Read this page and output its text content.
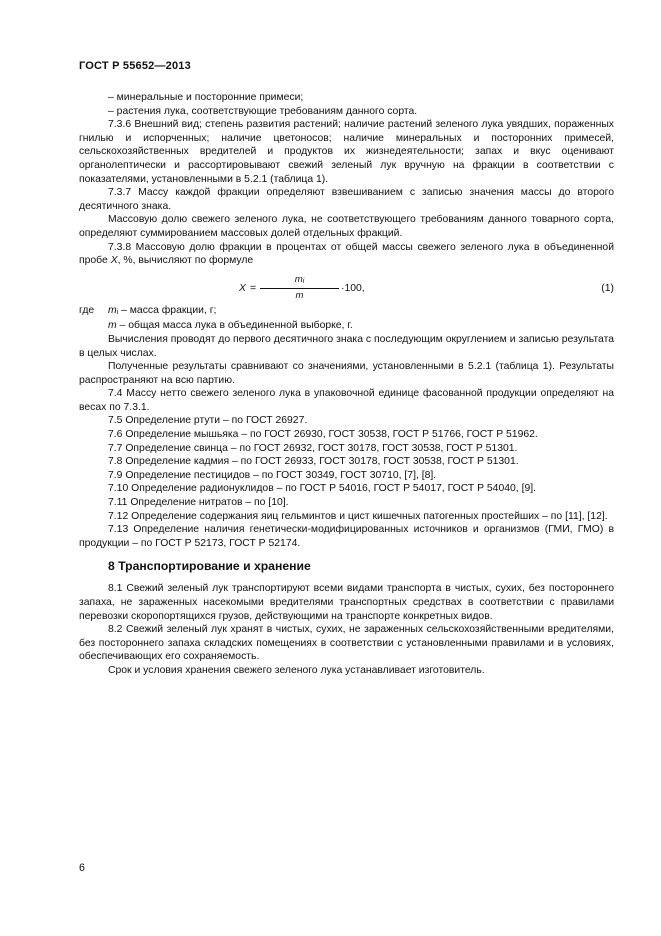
ГОСТ Р 55652—2013

– минеральные и посторонние примеси;

– растения лука, соответствующие требованиям данного сорта.

7.3.6 Внешний вид; степень развития растений; наличие растений зеленого лука увядших, пораженных гнилью и испорченных; наличие цветоносов; наличие минеральных и посторонних примесей, сельскохозяйственных вредителей и продуктов их жизнедеятельности; запах и вкус оценивают органолептически и рассортировывают свежий зеленый лук вручную на фракции в соответствии с показателями, установленными в 5.2.1 (таблица 1).

7.3.7 Массу каждой фракции определяют взвешиванием с записью значения массы до второго десятичного знака.

Массовую долю свежего зеленого лука, не соответствующего требованиям данного товарного сорта, определяют суммированием массовых долей отдельных фракций.

7.3.8 Массовую долю фракции в процентах от общей массы свежего зеленого лука в объединенной пробе X, %, вычисляют по формуле

X =
$m_i$
m
·100,	(1)
где	$m_i$ – масса фракции, г;
m – общая масса лука в объединенной выборке, г.

Вычисления проводят до первого десятичного знака с последующим округлением и записью результата в целых числах.

Полученные результаты сравнивают со значениями, установленными в 5.2.1 (таблица 1). Результаты распространяют на всю партию.

7.4 Массу нетто свежего зеленого лука в упаковочной единице фасованной продукции определяют на весах по 7.3.1.

7.5 Определение ртути – по ГОСТ 26927.

7.6 Определение мышьяка – по ГОСТ 26930, ГОСТ 30538, ГОСТ Р 51766, ГОСТ Р 51962.

7.7 Определение свинца – по ГОСТ 26932, ГОСТ 30178, ГОСТ 30538, ГОСТ Р 51301.

7.8 Определение кадмия – по ГОСТ 26933, ГОСТ 30178, ГОСТ 30538, ГОСТ Р 51301.

7.9 Определение пестицидов – по ГОСТ 30349, ГОСТ 30710, [7], [8].

7.10 Определение радионуклидов – по ГОСТ Р 54016, ГОСТ Р 54017, ГОСТ Р 54040, [9].

7.11 Определение нитратов – по [10].

7.12 Определение содержания яиц гельминтов и цист кишечных патогенных простейших – по [11], [12].

7.13 Определение наличия генетически-модифицированных источников и организмов (ГМИ, ГМО) в продукции – по ГОСТ Р 52173, ГОСТ Р 52174.

8 Транспортирование и хранение

8.1 Свежий зеленый лук транспортируют всеми видами транспорта в чистых, сухих, без постороннего запаха, не зараженных насекомыми вредителями транспортных средствах в соответствии с правилами перевозки скоропортящихся грузов, действующими на транспорте конкретных видов.

8.2 Свежий зеленый лук хранят в чистых, сухих, не зараженных сельскохозяйственными вредителями, без постороннего запаха складских помещениях в соответствии с установленными правилами и в условиях, обеспечивающих его сохраняемость.

Срок и условия хранения свежего зеленого лука устанавливает изготовитель.

6
